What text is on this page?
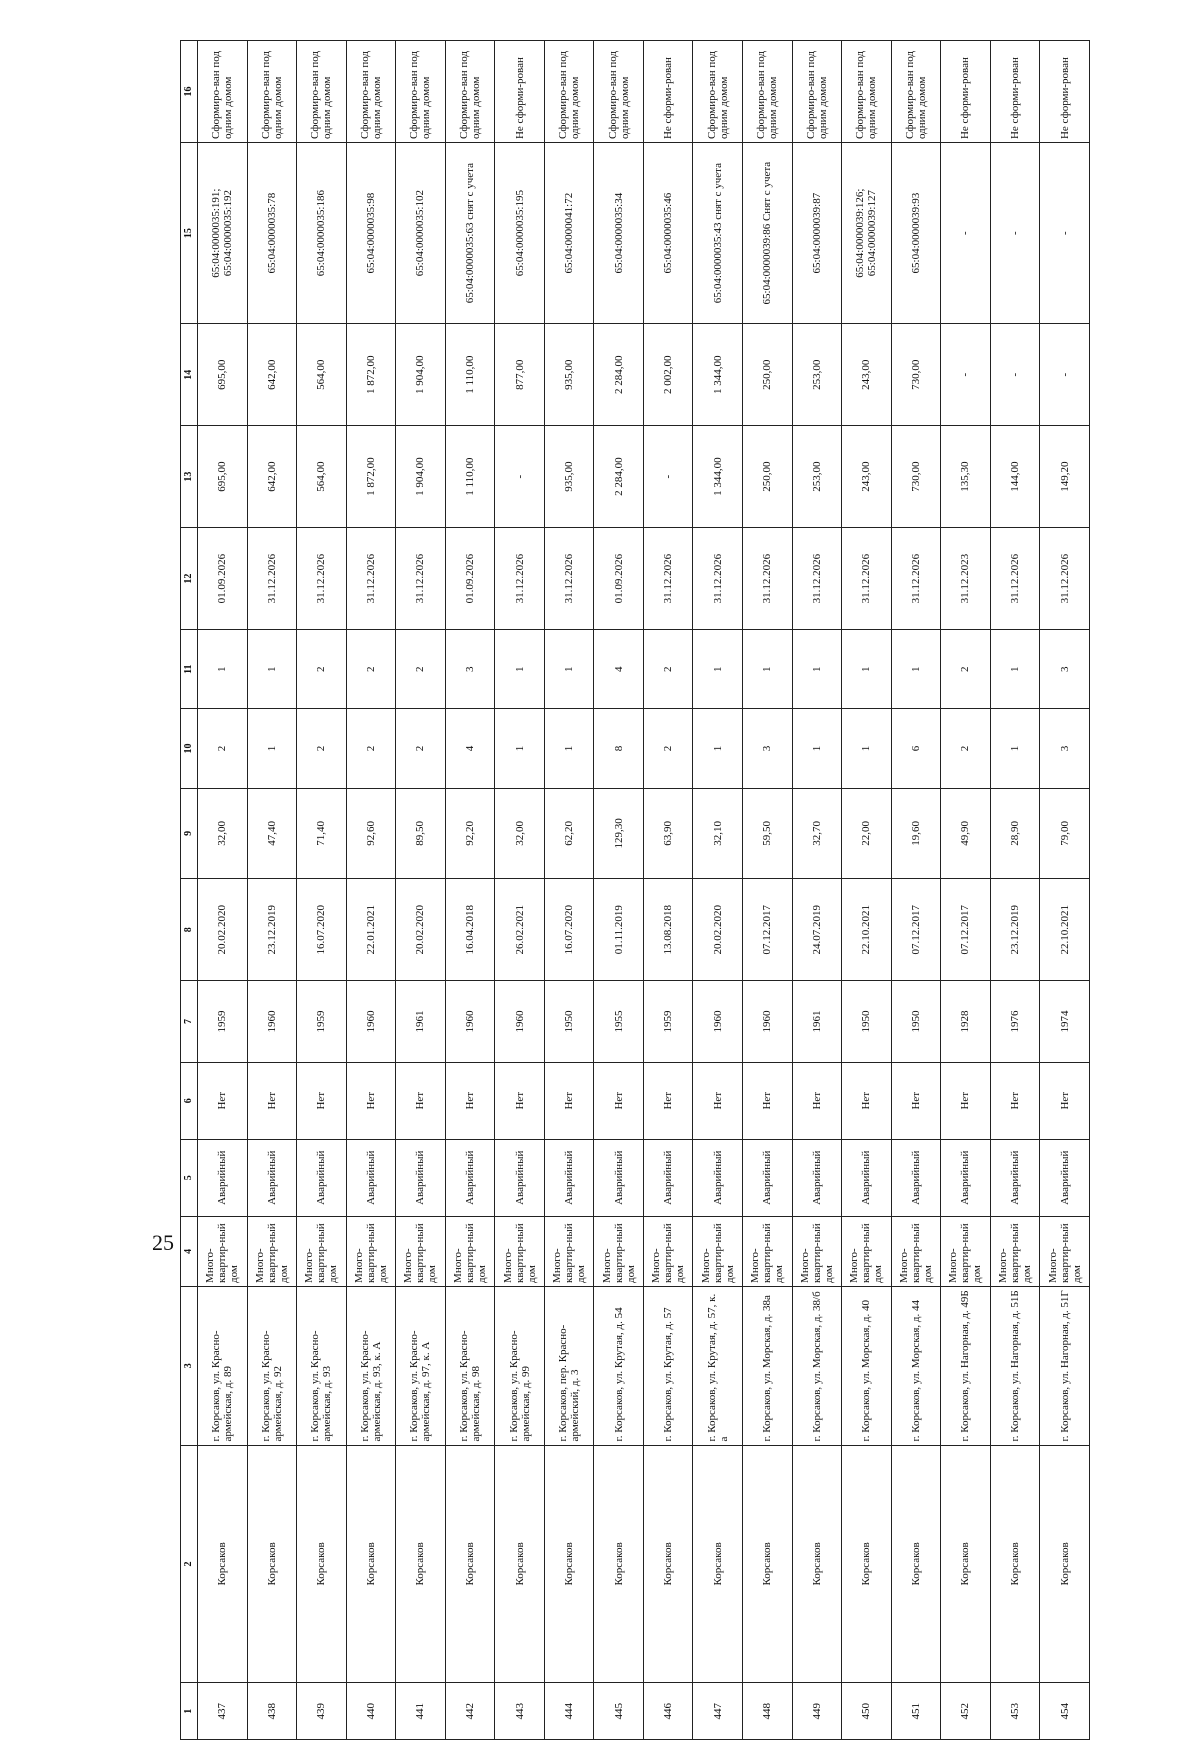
25
1	2	3	4	5	6	7	8	9	10	11	12	13	14	15	16
437	Корсаков	г. Корсаков, ул. Красно-армейская, д. 89	Много-квартир-ный дом	Аварийный	Нет	1959	20.02.2020	32,00	2	1	01.09.2026	695,00	695,00	65:04:0000035:191; 65:04:0000035:192	Сформиро-ван под одним домом
438	Корсаков	г. Корсаков, ул. Красно-армейская, д. 92	Много-квартир-ный дом	Аварийный	Нет	1960	23.12.2019	47,40	1	1	31.12.2026	642,00	642,00	65:04:0000035:78	Сформиро-ван под одним домом
439	Корсаков	г. Корсаков, ул. Красно-армейская, д. 93	Много-квартир-ный дом	Аварийный	Нет	1959	16.07.2020	71,40	2	2	31.12.2026	564,00	564,00	65:04:0000035:186	Сформиро-ван под одним домом
440	Корсаков	г. Корсаков, ул. Красно-армейская, д. 93, к. А	Много-квартир-ный дом	Аварийный	Нет	1960	22.01.2021	92,60	2	2	31.12.2026	1 872,00	1 872,00	65:04:0000035:98	Сформиро-ван под одним домом
441	Корсаков	г. Корсаков, ул. Красно-армейская, д. 97, к. А	Много-квартир-ный дом	Аварийный	Нет	1961	20.02.2020	89,50	2	2	31.12.2026	1 904,00	1 904,00	65:04:0000035:102	Сформиро-ван под одним домом
442	Корсаков	г. Корсаков, ул. Красно-армейская, д. 98	Много-квартир-ный дом	Аварийный	Нет	1960	16.04.2018	92,20	4	3	01.09.2026	1 110,00	1 110,00	65:04:0000035:63 снят с учета	Сформиро-ван под одним домом
443	Корсаков	г. Корсаков, ул. Красно-армейская, д. 99	Много-квартир-ный дом	Аварийный	Нет	1960	26.02.2021	32,00	1	1	31.12.2026	-	877,00	65:04:0000035:195	Не сформи-рован
444	Корсаков	г. Корсаков, пер. Красно-армейский, д. 3	Много-квартир-ный дом	Аварийный	Нет	1950	16.07.2020	62,20	1	1	31.12.2026	935,00	935,00	65:04:0000041:72	Сформиро-ван под одним домом
445	Корсаков	г. Корсаков, ул. Крутая, д. 54	Много-квартир-ный дом	Аварийный	Нет	1955	01.11.2019	129,30	8	4	01.09.2026	2 284,00	2 284,00	65:04:0000035:34	Сформиро-ван под одним домом
446	Корсаков	г. Корсаков, ул. Крутая, д. 57	Много-квартир-ный дом	Аварийный	Нет	1959	13.08.2018	63,90	2	2	31.12.2026	-	2 002,00	65:04:0000035:46	Не сформи-рован
447	Корсаков	г. Корсаков, ул. Крутая, д. 57, к. а	Много-квартир-ный дом	Аварийный	Нет	1960	20.02.2020	32,10	1	1	31.12.2026	1 344,00	1 344,00	65:04:0000035:43 снят с учета	Сформиро-ван под одним домом
448	Корсаков	г. Корсаков, ул. Морская, д. 38а	Много-квартир-ный дом	Аварийный	Нет	1960	07.12.2017	59,50	3	1	31.12.2026	250,00	250,00	65:04:0000039:86 Снят с учета	Сформиро-ван под одним домом
449	Корсаков	г. Корсаков, ул. Морская, д. 38/б	Много-квартир-ный дом	Аварийный	Нет	1961	24.07.2019	32,70	1	1	31.12.2026	253,00	253,00	65:04:0000039:87	Сформиро-ван под одним домом
450	Корсаков	г. Корсаков, ул. Морская, д. 40	Много-квартир-ный дом	Аварийный	Нет	1950	22.10.2021	22,00	1	1	31.12.2026	243,00	243,00	65:04:0000039:126; 65:04:0000039:127	Сформиро-ван под одним домом
451	Корсаков	г. Корсаков, ул. Морская, д. 44	Много-квартир-ный дом	Аварийный	Нет	1950	07.12.2017	19,60	6	1	31.12.2026	730,00	730,00	65:04:0000039:93	Сформиро-ван под одним домом
452	Корсаков	г. Корсаков, ул. Нагорная, д. 49Б	Много-квартир-ный дом	Аварийный	Нет	1928	07.12.2017	49,90	2	2	31.12.2023	135,30	-	-	Не сформи-рован
453	Корсаков	г. Корсаков, ул. Нагорная, д. 51Б	Много-квартир-ный дом	Аварийный	Нет	1976	23.12.2019	28,90	1	1	31.12.2026	144,00	-	-	Не сформи-рован
454	Корсаков	г. Корсаков, ул. Нагорная, д. 51Г	Много-квартир-ный дом	Аварийный	Нет	1974	22.10.2021	79,00	3	3	31.12.2026	149,20	-	-	Не сформи-рован
